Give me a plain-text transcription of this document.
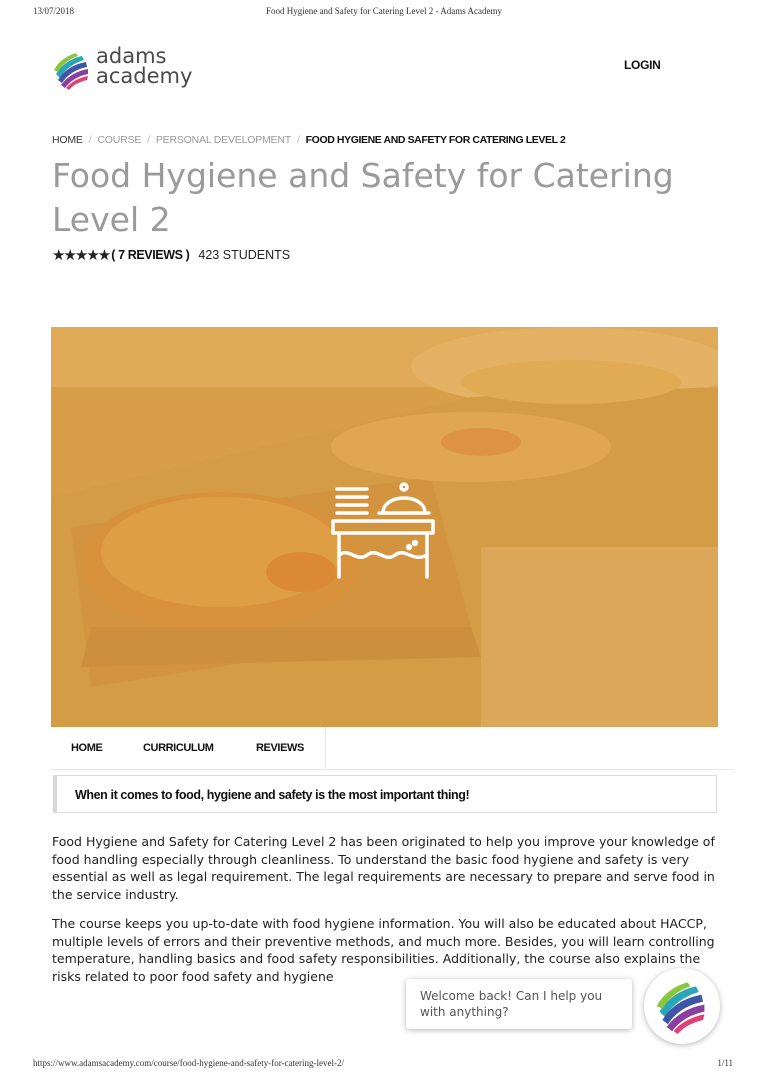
13/07/2018	Food Hygiene and Safety for Catering Level 2 - Adams Academy
adams
academy	LOGIN
HOME / COURSE / PERSONAL DEVELOPMENT / FOOD HYGIENE AND SAFETY FOR CATERING LEVEL 2
Food Hygiene and Safety for Catering Level 2
★★★★★ ( 7 REVIEWS ) 423 STUDENTS
HOME	CURRICULUM	REVIEWS
When it comes to food, hygiene and safety is the most important thing!

Food Hygiene and Safety for Catering Level 2 has been originated to help you improve your knowledge of food handling especially through cleanliness. To understand the basic food hygiene and safety is very essential as well as legal requirement. The legal requirements are necessary to prepare and serve food in the service industry.

The course keeps you up-to-date with food hygiene information. You will also be educated about HACCP, multiple levels of errors and their preventive methods, and much more. Besides, you will learn controlling temperature, handling basics and food safety responsibilities. Additionally, the course also explains the risks related to poor food safety and hygiene

Welcome back! Can I help you with anything?
https://www.adamsacademy.com/course/food-hygiene-and-safety-for-catering-level-2/	1/11
